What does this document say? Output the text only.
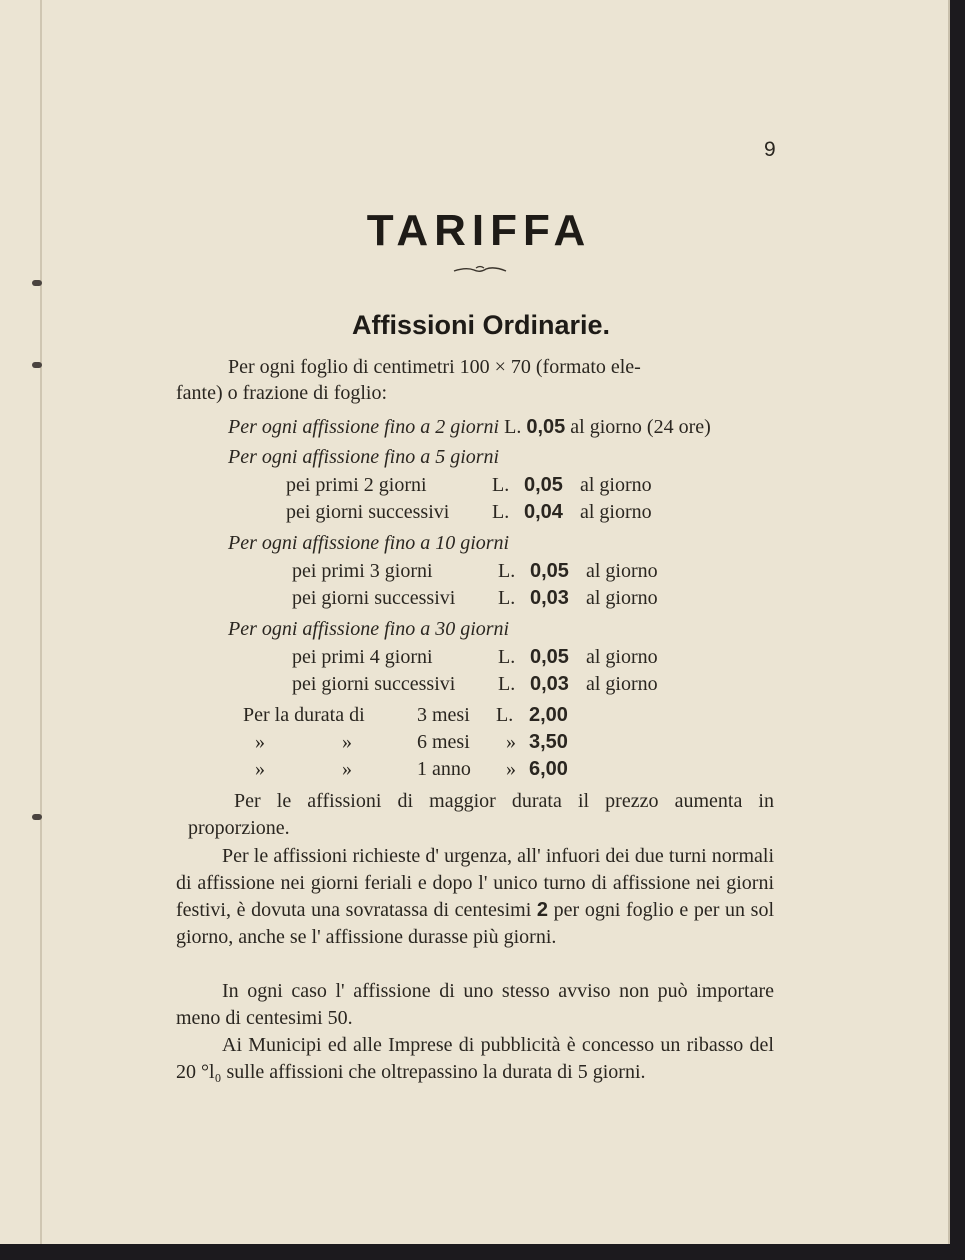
9
TARIFFA
Affissioni Ordinarie.
Per ogni foglio di centimetri 100 × 70 (formato ele-
fante) o frazione di foglio:
Per ogni affissione fino a 2 giorni L. 0,05 al giorno (24 ore)
Per ogni affissione fino a 5 giorni
pei primi 2 giorni	L. 0,05 al giorno
pei giorni successivi L. 0,04 al giorno
Per ogni affissione fino a 10 giorni
pei primi 3 giorni	L. 0,05 al giorno
pei giorni successivi L. 0,03 al giorno
Per ogni affissione fino a 30 giorni
pei primi 4 giorni	L. 0,05 al giorno
pei giorni successivi L. 0,03 al giorno
Per la durata di	3 mesi L. 2,00
»	»	6 mesi » 3,50
»	»	1 anno » 6,00
Per le affissioni di maggior durata il prezzo aumenta in proporzione.
Per le affissioni richieste d' urgenza, all' infuori dei due turni normali di affissione nei giorni feriali e dopo l' unico turno di affissione nei giorni festivi, è dovuta una sovratassa di centesimi 2 per ogni foglio e per un sol giorno, anche se l' affissione durasse più giorni.
In ogni caso l' affissione di uno stesso avviso non può importare meno di centesimi 50.
Ai Municipi ed alle Imprese di pubblicità è concesso un ribasso del 20 °l₀ sulle affissioni che oltrepassino la durata di 5 giorni.
